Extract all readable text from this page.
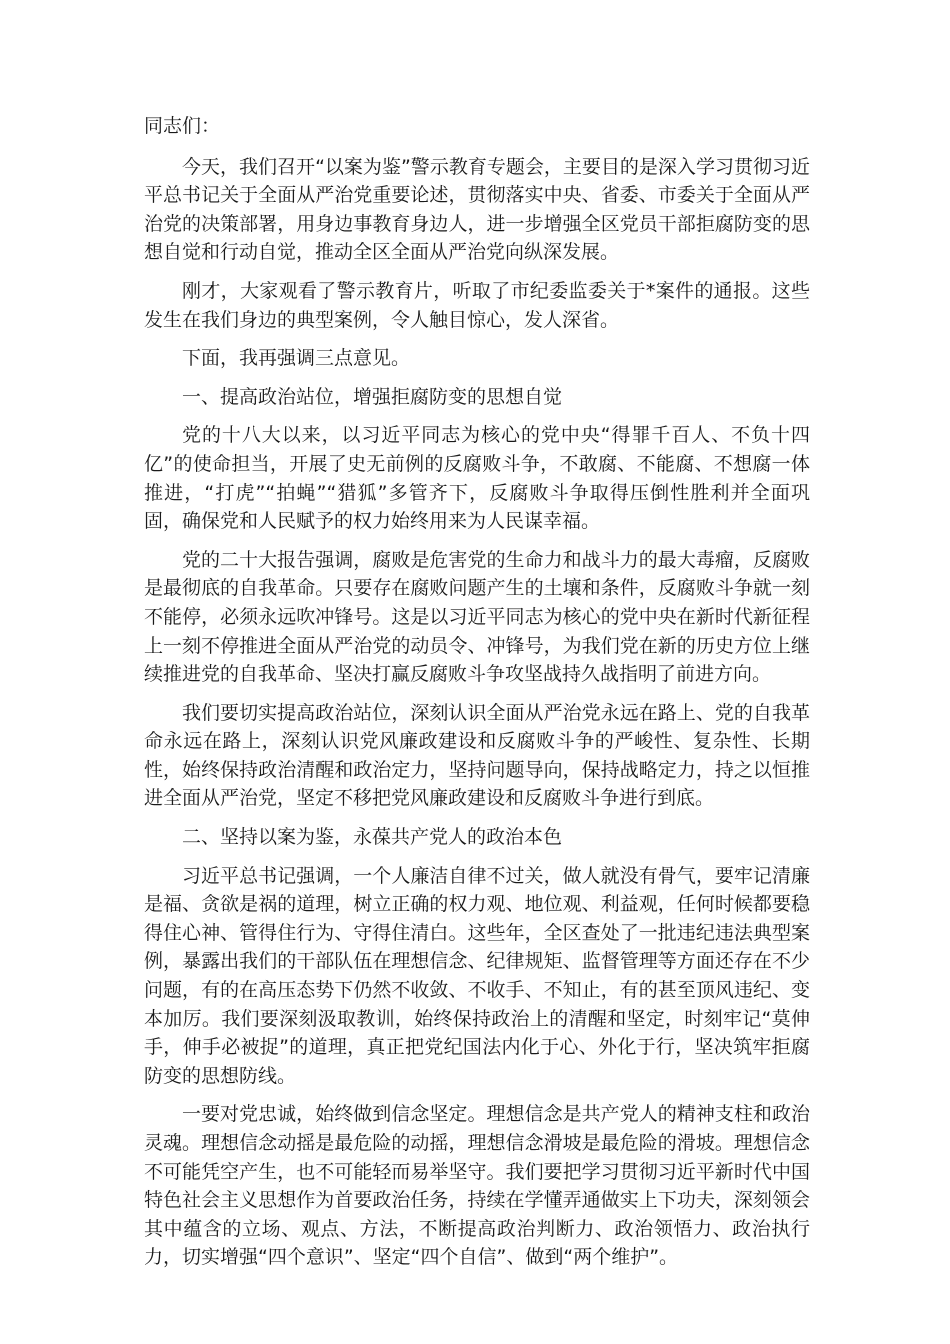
同志们：

今天，我们召开“以案为鉴”警示教育专题会，主要目的是深入学习贯彻习近平总书记关于全面从严治党重要论述，贯彻落实中央、省委、市委关于全面从严治党的决策部署，用身边事教育身边人，进一步增强全区党员干部拒腐防变的思想自觉和行动自觉，推动全区全面从严治党向纵深发展。

刚才，大家观看了警示教育片，听取了市纪委监委关于*案件的通报。这些发生在我们身边的典型案例，令人触目惊心，发人深省。

下面，我再强调三点意见。

一、提高政治站位，增强拒腐防变的思想自觉

党的十八大以来，以习近平同志为核心的党中央“得罪千百人、不负十四亿”的使命担当，开展了史无前例的反腐败斗争，不敢腐、不能腐、不想腐一体推进，“打虎”“拍蝇”“猎狐”多管齐下，反腐败斗争取得压倒性胜利并全面巩固，确保党和人民赋予的权力始终用来为人民谋幸福。

党的二十大报告强调，腐败是危害党的生命力和战斗力的最大毒瘤，反腐败是最彻底的自我革命。只要存在腐败问题产生的土壤和条件，反腐败斗争就一刻不能停，必须永远吹冲锋号。这是以习近平同志为核心的党中央在新时代新征程上一刻不停推进全面从严治党的动员令、冲锋号，为我们党在新的历史方位上继续推进党的自我革命、坚决打赢反腐败斗争攻坚战持久战指明了前进方向。

我们要切实提高政治站位，深刻认识全面从严治党永远在路上、党的自我革命永远在路上，深刻认识党风廉政建设和反腐败斗争的严峻性、复杂性、长期性，始终保持政治清醒和政治定力，坚持问题导向，保持战略定力，持之以恒推进全面从严治党，坚定不移把党风廉政建设和反腐败斗争进行到底。

二、坚持以案为鉴，永葆共产党人的政治本色

习近平总书记强调，一个人廉洁自律不过关，做人就没有骨气，要牢记清廉是福、贪欲是祸的道理，树立正确的权力观、地位观、利益观，任何时候都要稳得住心神、管得住行为、守得住清白。这些年，全区查处了一批违纪违法典型案例，暴露出我们的干部队伍在理想信念、纪律规矩、监督管理等方面还存在不少问题，有的在高压态势下仍然不收敛、不收手、不知止，有的甚至顶风违纪、变本加厉。我们要深刻汲取教训，始终保持政治上的清醒和坚定，时刻牢记“莫伸手，伸手必被捉”的道理，真正把党纪国法内化于心、外化于行，坚决筑牢拒腐防变的思想防线。

一要对党忠诚，始终做到信念坚定。理想信念是共产党人的精神支柱和政治灵魂。理想信念动摇是最危险的动摇，理想信念滑坡是最危险的滑坡。理想信念不可能凭空产生，也不可能轻而易举坚守。我们要把学习贯彻习近平新时代中国特色社会主义思想作为首要政治任务，持续在学懂弄通做实上下功夫，深刻领会其中蕴含的立场、观点、方法，不断提高政治判断力、政治领悟力、政治执行力，切实增强“四个意识”、坚定“四个自信”、做到“两个维护”。
